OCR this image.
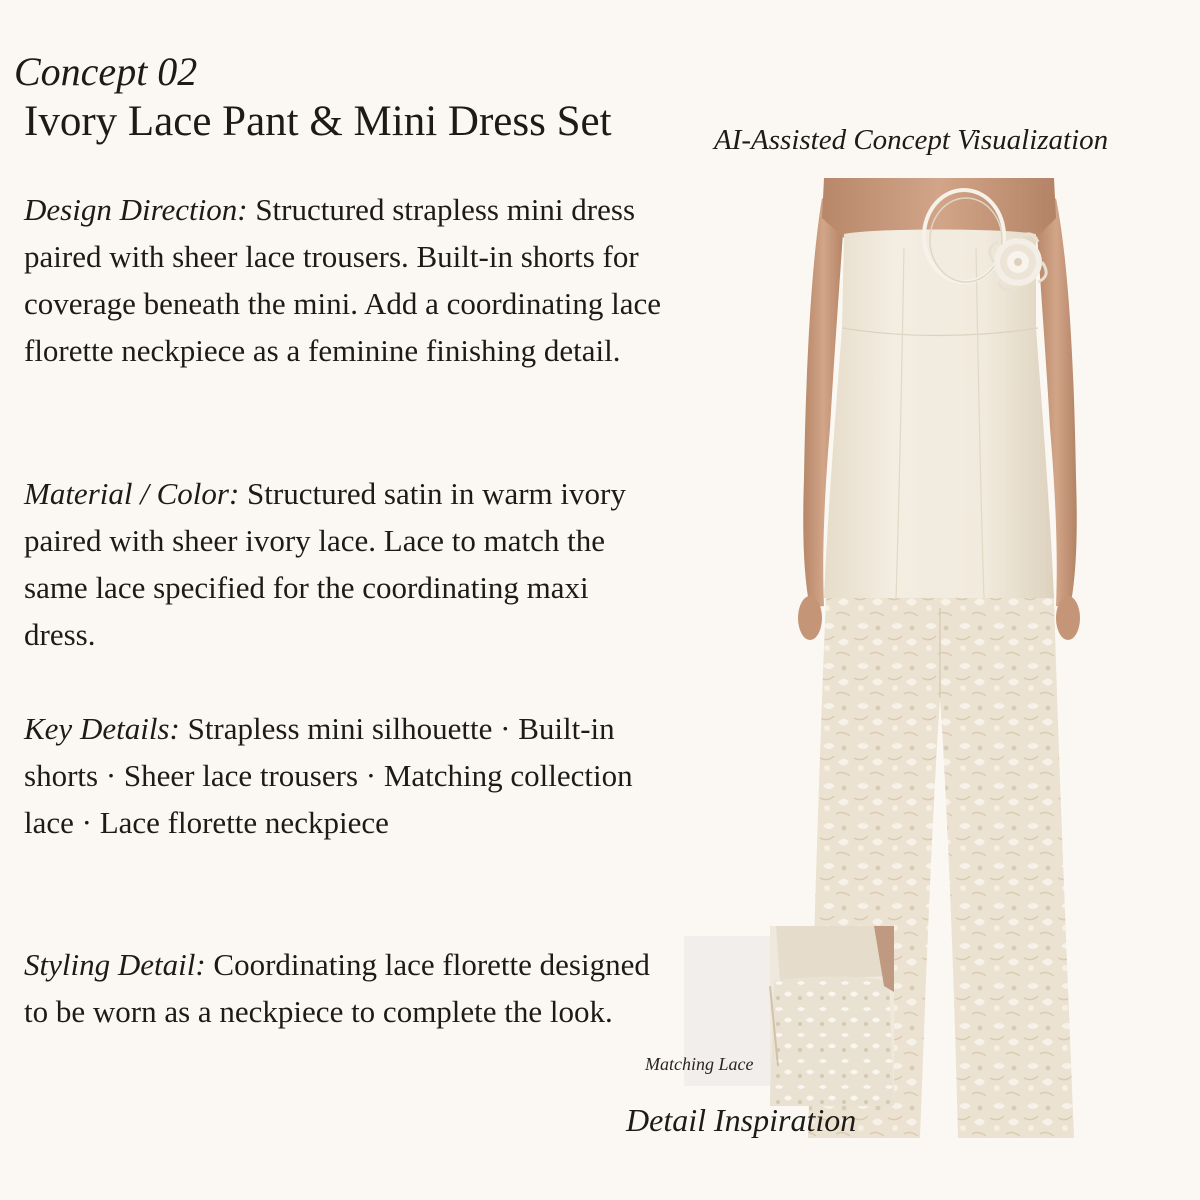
Concept 02
Ivory Lace Pant & Mini Dress Set	AI-Assisted Concept Visualization

Design Direction: Structured strapless mini dress paired with sheer lace trousers. Built-in shorts for coverage beneath the mini. Add a coordinating lace florette neckpiece as a feminine finishing detail.

Material / Color: Structured satin in warm ivory paired with sheer ivory lace. Lace to match the same lace specified for the coordinating maxi dress.

Key Details: Strapless mini silhouette · Built-in shorts · Sheer lace trousers · Matching collection lace · Lace florette neckpiece

Styling Detail: Coordinating lace florette designed to be worn as a neckpiece to complete the look.

Matching Lace
Detail Inspiration
